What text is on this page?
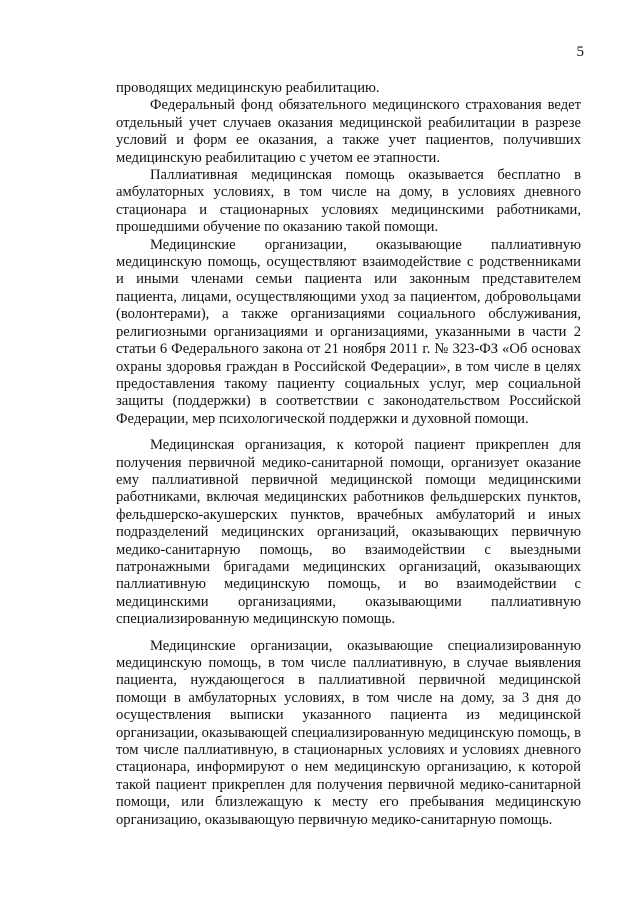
5

проводящих медицинскую реабилитацию.

Федеральный фонд обязательного медицинского страхования ведет отдельный учет случаев оказания медицинской реабилитации в разрезе условий и форм ее оказания, а также учет пациентов, получивших медицинскую реабилитацию с учетом ее этапности.

Паллиативная медицинская помощь оказывается бесплатно в амбулаторных условиях, в том числе на дому, в условиях дневного стационара и стационарных условиях медицинскими работниками, прошедшими обучение по оказанию такой помощи.

Медицинские организации, оказывающие паллиативную медицинскую помощь, осуществляют взаимодействие с родственниками и иными членами семьи пациента или законным представителем пациента, лицами, осуществляющими уход за пациентом, добровольцами (волонтерами), а также организациями социального обслуживания, религиозными организациями и организациями, указанными в части 2 статьи 6 Федерального закона от 21 ноября 2011 г. № 323-ФЗ «Об основах охраны здоровья граждан в Российской Федерации», в том числе в целях предоставления такому пациенту социальных услуг, мер социальной защиты (поддержки) в соответствии с законодательством Российской Федерации, мер психологической поддержки и духовной помощи.

Медицинская организация, к которой пациент прикреплен для получения первичной медико-санитарной помощи, организует оказание ему паллиативной первичной медицинской помощи медицинскими работниками, включая медицинских работников фельдшерских пунктов, фельдшерско-акушерских пунктов, врачебных амбулаторий и иных подразделений медицинских организаций, оказывающих первичную медико-санитарную помощь, во взаимодействии с выездными патронажными бригадами медицинских организаций, оказывающих паллиативную медицинскую помощь, и во взаимодействии с медицинскими организациями, оказывающими паллиативную специализированную медицинскую помощь.

Медицинские организации, оказывающие специализированную медицинскую помощь, в том числе паллиативную, в случае выявления пациента, нуждающегося в паллиативной первичной медицинской помощи в амбулаторных условиях, в том числе на дому, за 3 дня до осуществления выписки указанного пациента из медицинской организации, оказывающей специализированную медицинскую помощь, в том числе паллиативную, в стационарных условиях и условиях дневного стационара, информируют о нем медицинскую организацию, к которой такой пациент прикреплен для получения первичной медико-санитарной помощи, или близлежащую к месту его пребывания медицинскую организацию, оказывающую первичную медико-санитарную помощь.
